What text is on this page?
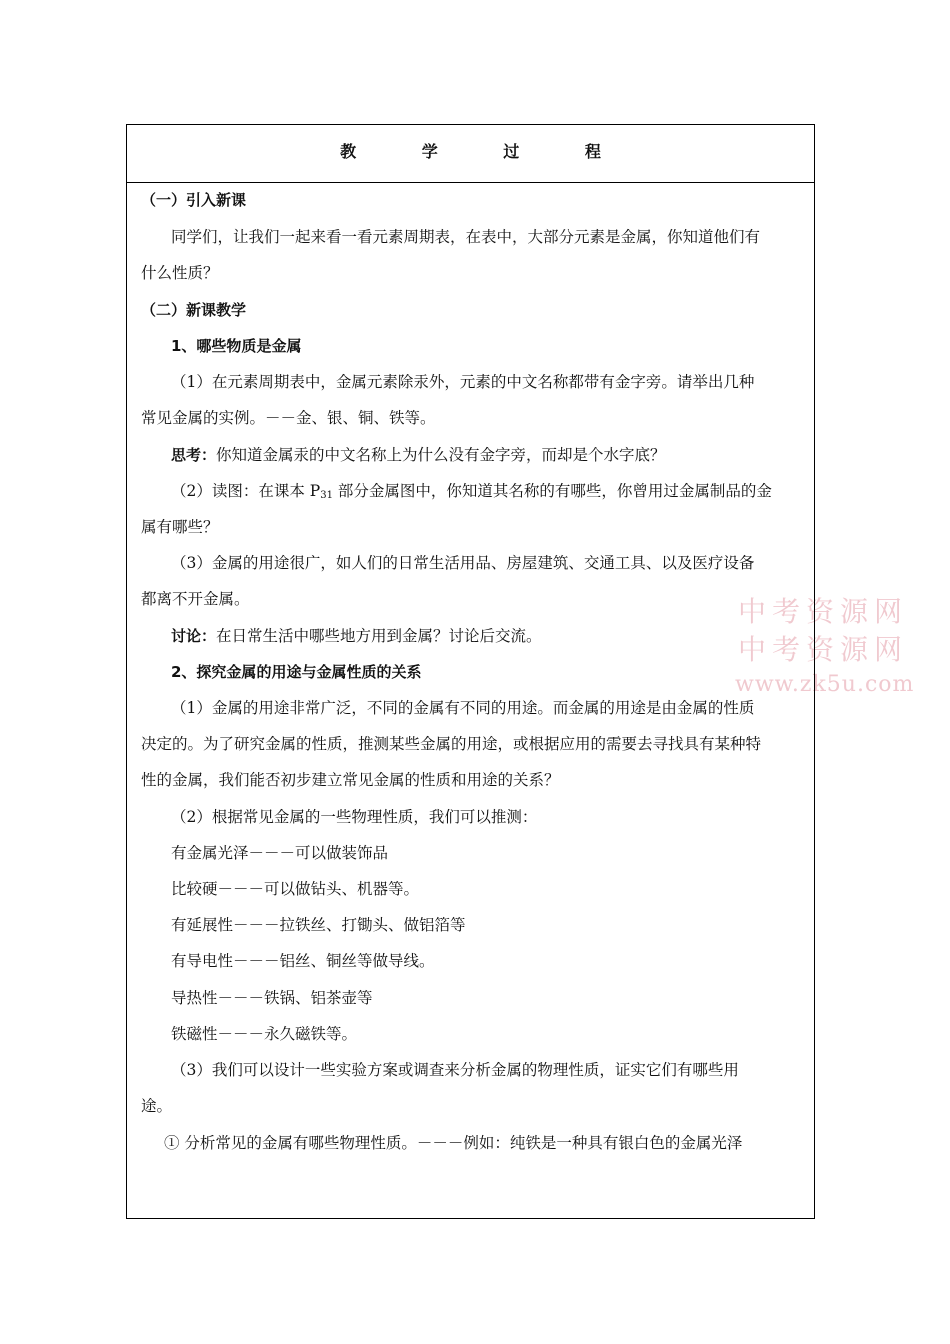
中考资源网
中考资源网
www.zk5u.com
教 学 过 程
（一）引入新课
同学们，让我们一起来看一看元素周期表，在表中，大部分元素是金属，你知道他们有
什么性质？
（二）新课教学
1、哪些物质是金属
（1）在元素周期表中，金属元素除汞外，元素的中文名称都带有金字旁。请举出几种
常见金属的实例。－－金、银、铜、铁等。
思考：你知道金属汞的中文名称上为什么没有金字旁，而却是个水字底？
（2）读图：在课本 $P_{31}$ 部分金属图中，你知道其名称的有哪些，你曾用过金属制品的金
属有哪些？
（3）金属的用途很广，如人们的日常生活用品、房屋建筑、交通工具、以及医疗设备
都离不开金属。
讨论：在日常生活中哪些地方用到金属？讨论后交流。
2、探究金属的用途与金属性质的关系
（1）金属的用途非常广泛，不同的金属有不同的用途。而金属的用途是由金属的性质
决定的。为了研究金属的性质，推测某些金属的用途，或根据应用的需要去寻找具有某种特
性的金属，我们能否初步建立常见金属的性质和用途的关系？
（2）根据常见金属的一些物理性质，我们可以推测：
有金属光泽－－－可以做装饰品
比较硬－－－可以做钻头、机器等。
有延展性－－－拉铁丝、打锄头、做铝箔等
有导电性－－－铝丝、铜丝等做导线。
导热性－－－铁锅、铝茶壶等
铁磁性－－－永久磁铁等。
（3）我们可以设计一些实验方案或调查来分析金属的物理性质，证实它们有哪些用
途。
① 分析常见的金属有哪些物理性质。－－－例如：纯铁是一种具有银白色的金属光泽
